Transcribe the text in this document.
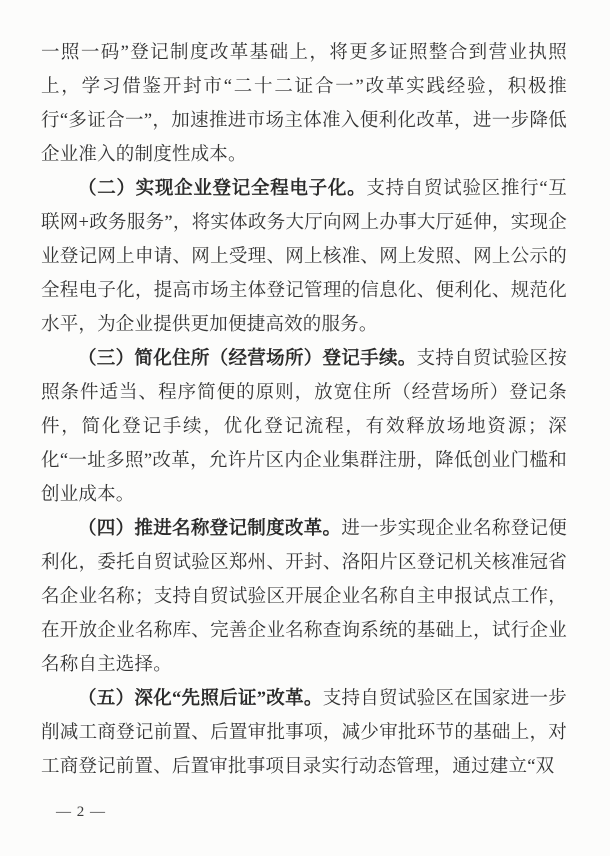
一照一码”登记制度改革基础上，将更多证照整合到营业执照上，学习借鉴开封市“二十二证合一”改革实践经验，积极推行“多证合一”，加速推进市场主体准入便利化改革，进一步降低企业准入的制度性成本。

（二）实现企业登记全程电子化。支持自贸试验区推行“互联网+政务服务”，将实体政务大厅向网上办事大厅延伸，实现企业登记网上申请、网上受理、网上核准、网上发照、网上公示的全程电子化，提高市场主体登记管理的信息化、便利化、规范化水平，为企业提供更加便捷高效的服务。

（三）简化住所（经营场所）登记手续。支持自贸试验区按照条件适当、程序简便的原则，放宽住所（经营场所）登记条件，简化登记手续，优化登记流程，有效释放场地资源；深化“一址多照”改革，允许片区内企业集群注册，降低创业门槛和创业成本。

（四）推进名称登记制度改革。进一步实现企业名称登记便利化，委托自贸试验区郑州、开封、洛阳片区登记机关核准冠省名企业名称；支持自贸试验区开展企业名称自主申报试点工作，在开放企业名称库、完善企业名称查询系统的基础上，试行企业名称自主选择。

（五）深化“先照后证”改革。支持自贸试验区在国家进一步削减工商登记前置、后置审批事项，减少审批环节的基础上，对工商登记前置、后置审批事项目录实行动态管理，通过建立“双

— 2 —
